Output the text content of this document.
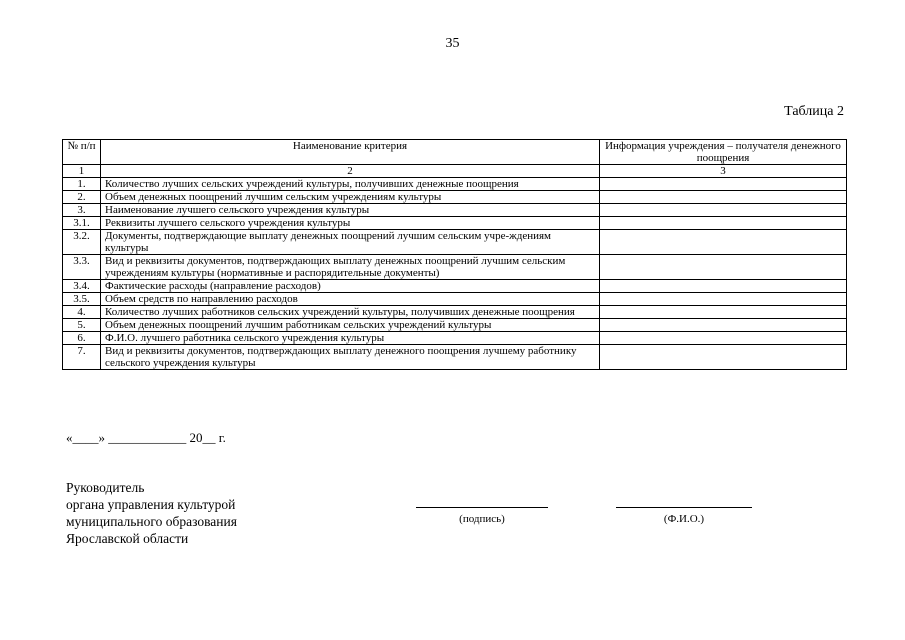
35
Таблица 2
№ п/п	Наименование критерия	Информация учреждения – получателя денежного поощрения
1	2	3
1.	Количество лучших сельских учреждений культуры, получивших денежные поощрения	
2.	Объем денежных поощрений лучшим сельским учреждениям культуры	
3.	Наименование лучшего сельского учреждения культуры	
3.1.	Реквизиты лучшего сельского учреждения культуры	
3.2.	Документы, подтверждающие выплату денежных поощрений лучшим сельским учре-ждениям культуры	
3.3.	Вид и реквизиты документов, подтверждающих выплату денежных поощрений лучшим сельским учреждениям культуры (нормативные и распорядительные документы)	
3.4.	Фактические расходы (направление расходов)	
3.5.	Объем средств по направлению расходов	
4.	Количество лучших работников сельских учреждений культуры, получивших денежные поощрения	
5.	Объем денежных поощрений лучшим работникам сельских учреждений культуры	
6.	Ф.И.О. лучшего работника сельского учреждения культуры	
7.	Вид и реквизиты документов, подтверждающих выплату денежного поощрения лучшему работнику сельского учреждения культуры	
«____» ____________ 20__ г.
Руководитель
органа управления культурой
муниципального образования
Ярославской области
(подпись)	(Ф.И.О.)
